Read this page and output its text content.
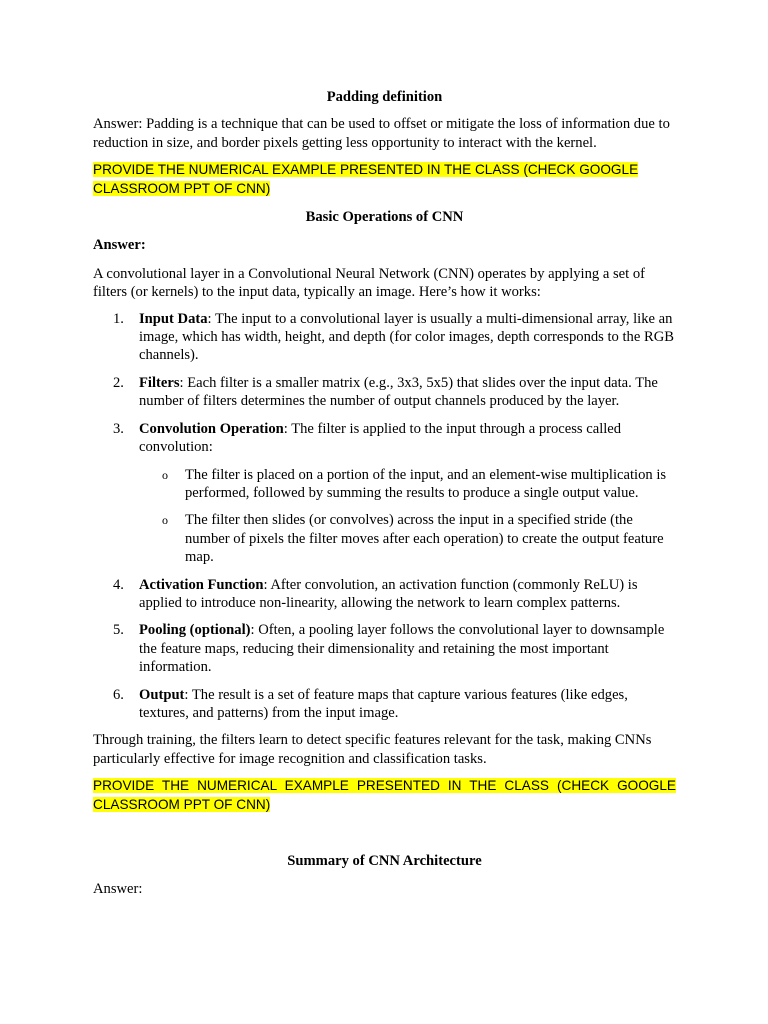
Padding definition

Answer: Padding is a technique that can be used to offset or mitigate the loss of information due to reduction in size, and border pixels getting less opportunity to interact with the kernel.

PROVIDE THE NUMERICAL EXAMPLE PRESENTED IN THE CLASS (CHECK GOOGLE CLASSROOM PPT OF CNN)

Basic Operations of CNN

Answer:

A convolutional layer in a Convolutional Neural Network (CNN) operates by applying a set of filters (or kernels) to the input data, typically an image. Here’s how it works:

1. Input Data: The input to a convolutional layer is usually a multi-dimensional array, like an image, which has width, height, and depth (for color images, depth corresponds to the RGB channels).
2. Filters: Each filter is a smaller matrix (e.g., 3x3, 5x5) that slides over the input data. The number of filters determines the number of output channels produced by the layer.
3. Convolution Operation: The filter is applied to the input through a process called convolution:
o The filter is placed on a portion of the input, and an element-wise multiplication is performed, followed by summing the results to produce a single output value.
o The filter then slides (or convolves) across the input in a specified stride (the number of pixels the filter moves after each operation) to create the output feature map.
4. Activation Function: After convolution, an activation function (commonly ReLU) is applied to introduce non-linearity, allowing the network to learn complex patterns.
5. Pooling (optional): Often, a pooling layer follows the convolutional layer to downsample the feature maps, reducing their dimensionality and retaining the most important information.
6. Output: The result is a set of feature maps that capture various features (like edges, textures, and patterns) from the input image.

Through training, the filters learn to detect specific features relevant for the task, making CNNs particularly effective for image recognition and classification tasks.

PROVIDE THE NUMERICAL EXAMPLE PRESENTED IN THE CLASS (CHECK GOOGLE CLASSROOM PPT OF CNN)

Summary of CNN Architecture

Answer:
